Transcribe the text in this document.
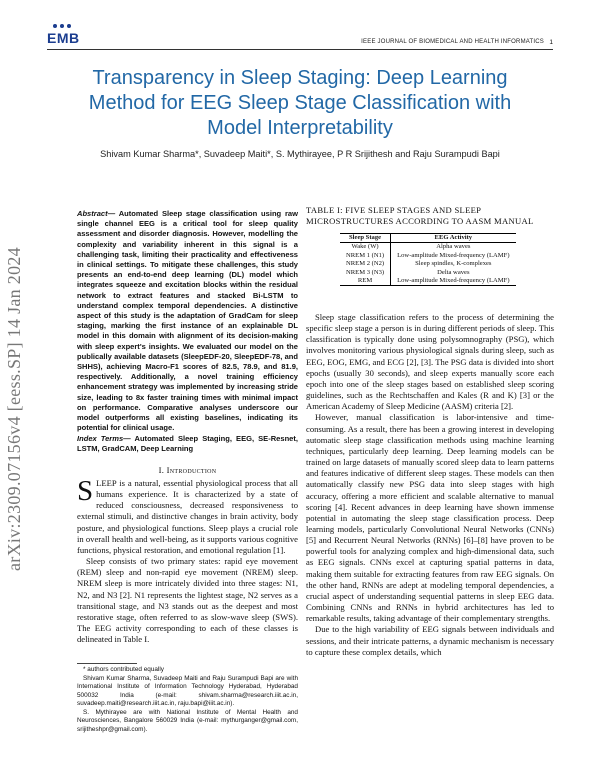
EMB	IEEE JOURNAL OF BIOMEDICAL AND HEALTH INFORMATICS 1
Transparency in Sleep Staging: Deep Learning
Method for EEG Sleep Stage Classification with
Model Interpretability
Shivam Kumar Sharma*, Suvadeep Maiti*, S. Mythirayee, P R Srijithesh and Raju Surampudi Bapi
arXiv:2309.07156v4 [eess.SP] 14 Jan 2024
Abstract— Automated Sleep stage classification using raw single channel EEG is a critical tool for sleep quality assessment and disorder diagnosis. However, modelling the complexity and variability inherent in this signal is a challenging task, limiting their practicality and effectiveness in clinical settings. To mitigate these challenges, this study presents an end-to-end deep learning (DL) model which integrates squeeze and excitation blocks within the residual network to extract features and stacked Bi-LSTM to understand complex temporal dependencies. A distinctive aspect of this study is the adaptation of GradCam for sleep staging, marking the first instance of an explainable DL model in this domain with alignment of its decision-making with sleep expert's insights. We evaluated our model on the publically available datasets (SleepEDF-20, SleepEDF-78, and SHHS), achieving Macro-F1 scores of 82.5, 78.9, and 81.9, respectively. Additionally, a novel training efficiency enhancement strategy was implemented by increasing stride size, leading to 8x faster training times with minimal impact on performance. Comparative analyses underscore our model outperforms all existing baselines, indicating its potential for clinical usage.
Index Terms— Automated Sleep Staging, EEG, SE-Resnet, LSTM, GradCAM, Deep Learning
I. Introduction

SLEEP is a natural, essential physiological process that all humans experience. It is characterized by a state of reduced consciousness, decreased responsiveness to external stimuli, and distinctive changes in brain activity, body posture, and physiological functions. Sleep plays a crucial role in overall health and well-being, as it supports various cognitive functions, physical restoration, and emotional regulation [1].

Sleep consists of two primary states: rapid eye movement (REM) sleep and non-rapid eye movement (NREM) sleep. NREM sleep is more intricately divided into three stages: N1, N2, and N3 [2]. N1 represents the lightest stage, N2 serves as a transitional stage, and N3 stands out as the deepest and most restorative stage, often referred to as slow-wave sleep (SWS). The EEG activity corresponding to each of these classes is delineated in Table I.

* authors contributed equally

Shivam Kumar Sharma, Suvadeep Maiti and Raju Surampudi Bapi are with International Institute of Information Technology Hyderabad, Hyderabad 500032 India (e-mail: shivam.sharma@research.iiit.ac.in, suvadeep.maiti@research.iiit.ac.in, raju.bapi@iiit.ac.in).

S. Mythirayee are with National Institute of Mental Health and Neurosciences, Bangalore 560029 India (e-mail: mythurganger@gmail.com, srijitheshpr@gmail.com).

TABLE I: FIVE SLEEP STAGES AND SLEEP MICROSTRUCTURES ACCORDING TO AASM MANUAL
Sleep Stage	EEG Activity
Wake (W)	Alpha waves
NREM 1 (N1)	Low-amplitude Mixed-frequency (LAMF)
NREM 2 (N2)	Sleep spindles, K-complexes
NREM 3 (N3)	Delta waves
REM	Low-amplitude Mixed-frequency (LAMF)

Sleep stage classification refers to the process of determining the specific sleep stage a person is in during different periods of sleep. This classification is typically done using polysomnography (PSG), which involves monitoring various physiological signals during sleep, such as EEG, EOG, EMG, and ECG [2], [3]. The PSG data is divided into short epochs (usually 30 seconds), and sleep experts manually score each epoch into one of the sleep stages based on established sleep scoring guidelines, such as the Rechtschaffen and Kales (R and K) [3] or the American Academy of Sleep Medicine (AASM) criteria [2].

However, manual classification is labor-intensive and time-consuming. As a result, there has been a growing interest in developing automatic sleep stage classification methods using machine learning techniques, particularly deep learning. Deep learning models can be trained on large datasets of manually scored sleep data to learn patterns and features indicative of different sleep stages. These models can then automatically classify new PSG data into sleep stages with high accuracy, offering a more efficient and scalable alternative to manual scoring [4]. Recent advances in deep learning have shown immense potential in automating the sleep stage classification process. Deep learning models, particularly Convolutional Neural Networks (CNNs) [5] and Recurrent Neural Networks (RNNs) [6]–[8] have proven to be powerful tools for analyzing complex and high-dimensional data, such as EEG signals. CNNs excel at capturing spatial patterns in data, making them suitable for extracting features from raw EEG signals. On the other hand, RNNs are adept at modeling temporal dependencies, a crucial aspect of understanding sequential patterns in sleep EEG data. Combining CNNs and RNNs in hybrid architectures has led to remarkable results, taking advantage of their complementary strengths.

Due to the high variability of EEG signals between individuals and sessions, and their intricate patterns, a dynamic mechanism is necessary to capture these complex details, which
